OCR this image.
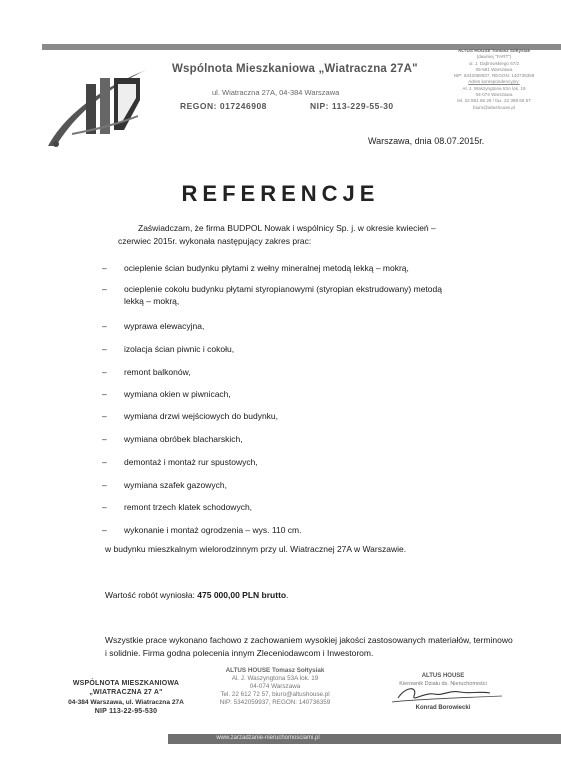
Wspólnota Mieszkaniowa „Wiatraczna 27A"
ul. Wiatraczna 27A, 04-384 Warszawa
REGON: 017246908	NIP: 113-229-55-30
ALTUS HOUSE Tomasz Sołtysiak
(dawniej "FART")
ul. J. Dąbrowskiego 67/2
05-581 Warszawa
NIP: 5342059937, REGON: 140736359
Adres korespondencyjny:
Al. J. Waszyngtona 53A lok. 19
04-074 Warszawa
tel. 22 861 66 26 / fax. 22 398 65 57
biuro@altushouse.pl
Warszawa, dnia 08.07.2015r.
REFERENCJE
Zaświadczam, że firma BUDPOL Nowak i wspólnicy Sp. j. w okresie kwiecień – czerwiec 2015r. wykonała następujący zakres prac:
– ocieplenie ścian budynku płytami z wełny mineralnej metodą lekką – mokrą,
– ocieplenie cokołu budynku płytami styropianowymi (styropian ekstrudowany) metodą lekką – mokrą,
– wyprawa elewacyjna,
– izolacja ścian piwnic i cokołu,
– remont balkonów,
– wymiana okien w piwnicach,
– wymiana drzwi wejściowych do budynku,
– wymiana obróbek blacharskich,
– demontaż i montaż rur spustowych,
– wymiana szafek gazowych,
– remont trzech klatek schodowych,
– wykonanie i montaż ogrodzenia – wys. 110 cm.
w budynku mieszkalnym wielorodzinnym przy ul. Wiatracznej 27A w Warszawie.
Wartość robót wyniosła: 475 000,00 PLN brutto.
Wszystkie prace wykonano fachowo z zachowaniem wysokiej jakości zastosowanych materiałów, terminowo i solidnie. Firma godna polecenia innym Zleceniodawcom i Inwestorom.
WSPÓLNOTA MIESZKANIOWA
„WIATRACZNA 27 A"
04-384 Warszawa, ul. Wiatraczna 27A
NIP 113-22-95-530
ALTUS HOUSE Tomasz Sołtysiak
Al. J. Waszyngtona 53A lok. 19
04-074 Warszawa
Tel. 22 612 72 57, biuro@altushouse.pl
NIP: 5342059937, REGON: 140736359
ALTUS HOUSE
Kierownik Działu ds. Nieruchomości
Konrad Borowiecki
www.zarzadzanie-nieruchomosciami.pl
